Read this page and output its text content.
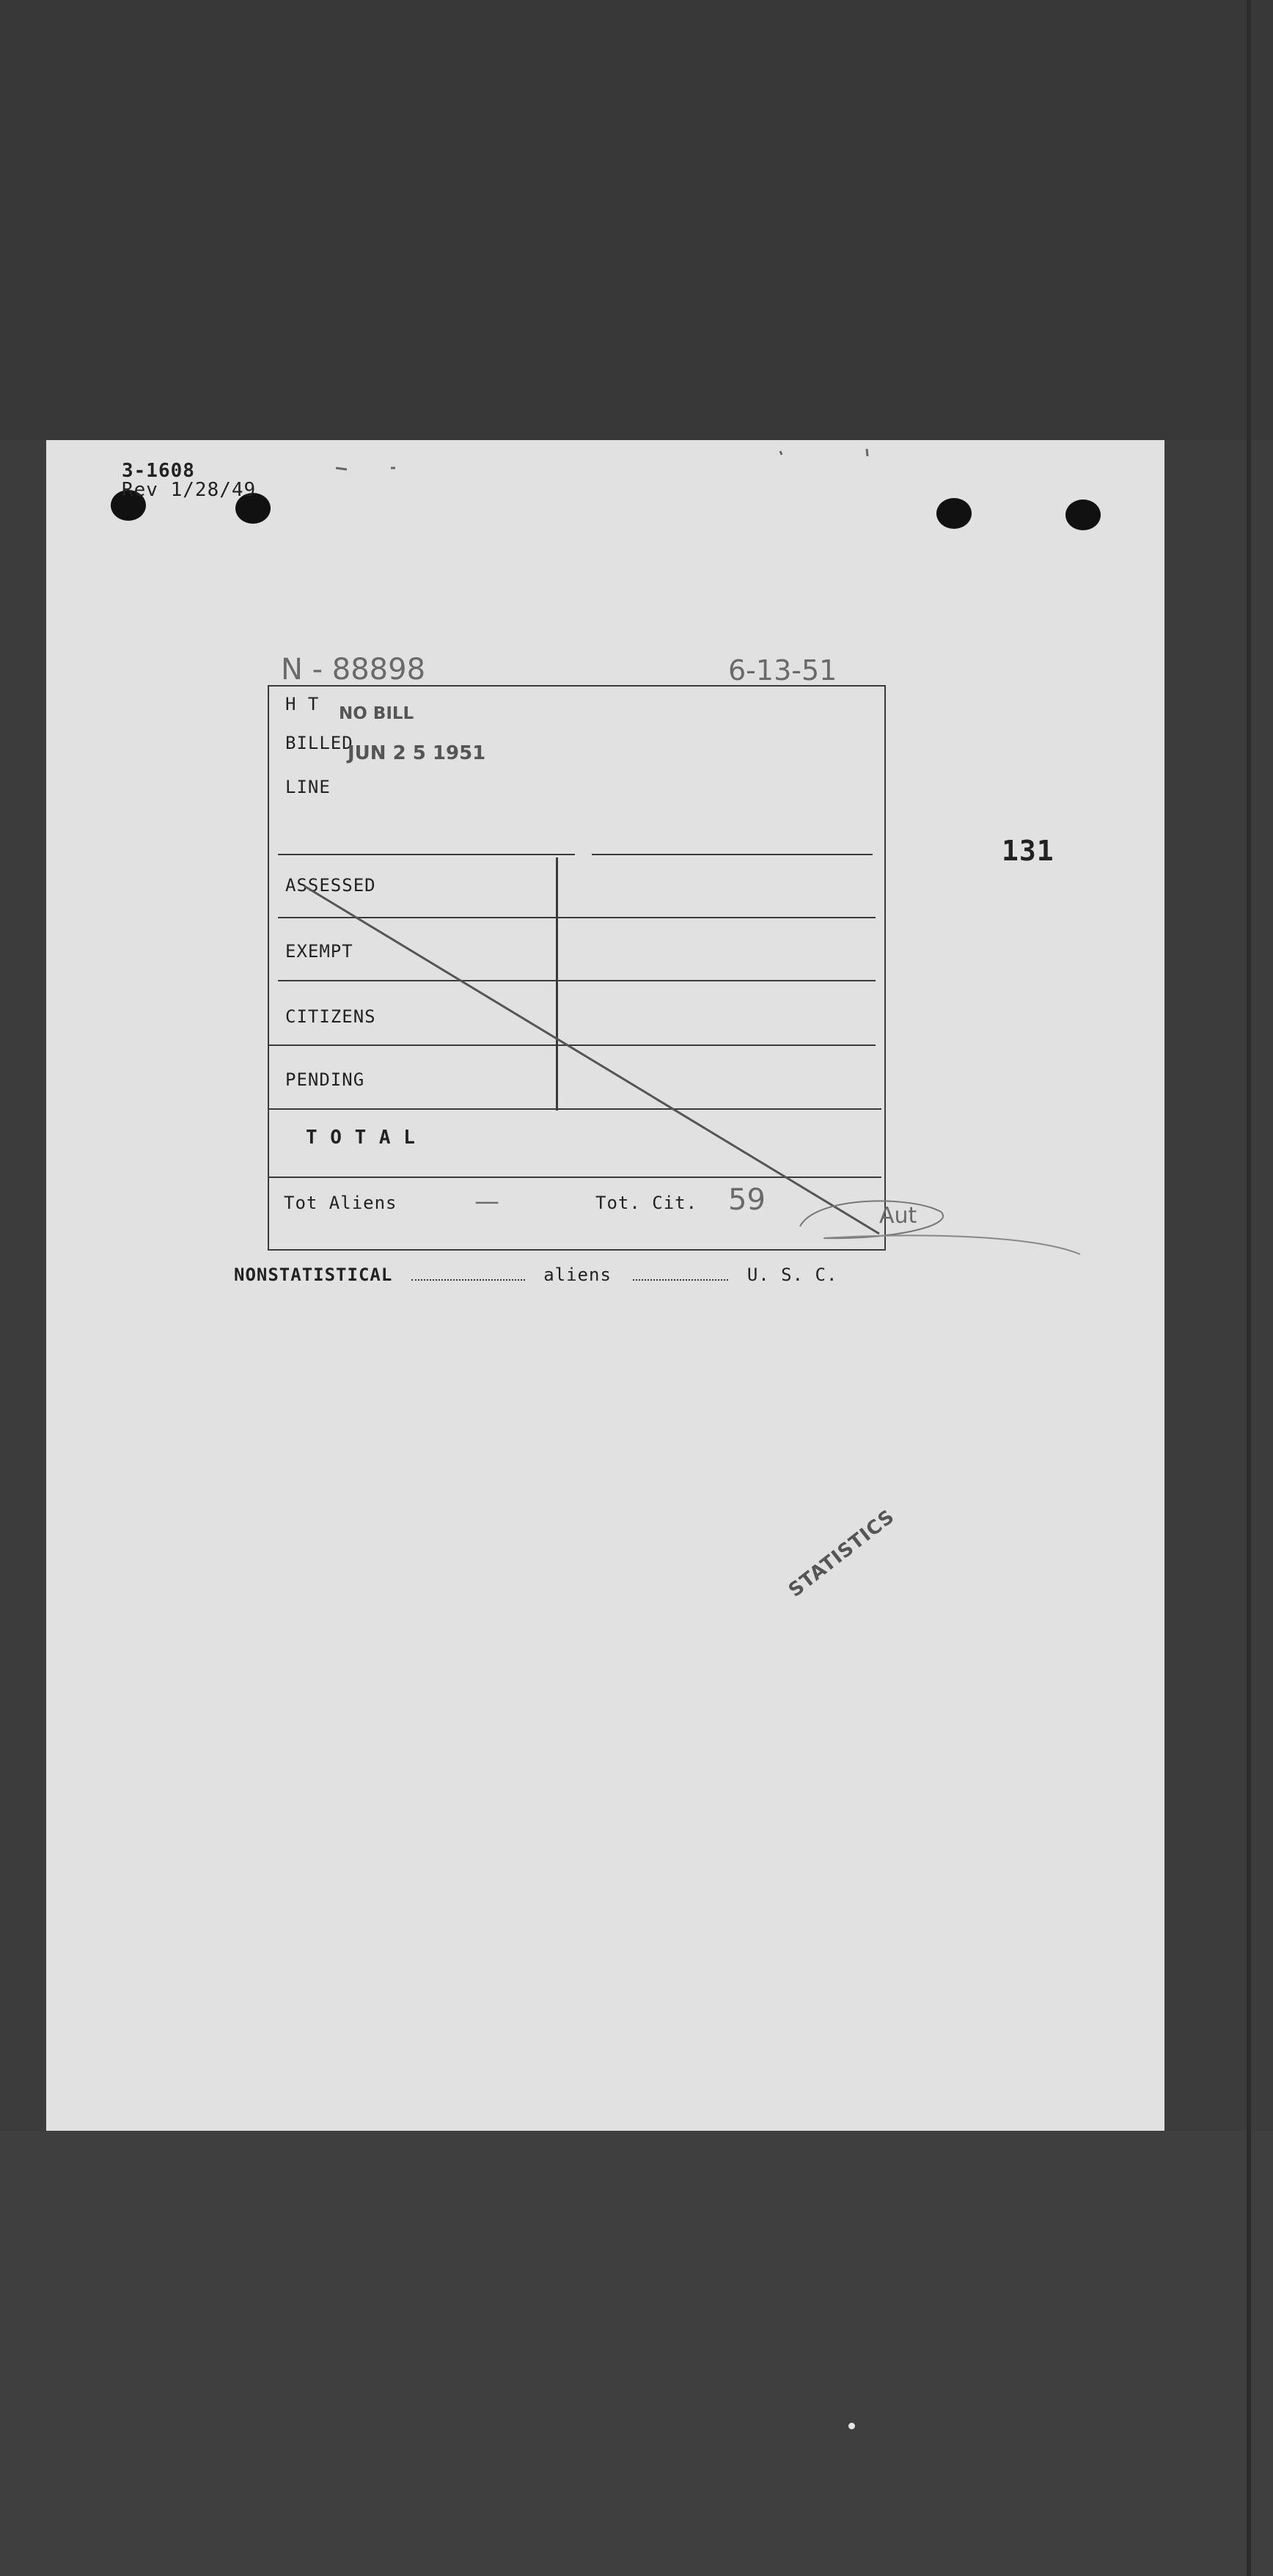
3-1608
Rev 1/28/49
N - 88898	6-13-51
131
H T NO BILL
BILLED
JUN 2 5 1951
LINE
ASSESSED
EXEMPT
CITIZENS
PENDING
T O T A L
Tot Aliens	—	Tot. Cit. 59	Aut
NONSTATISTICAL	aliens	U. S. C.
STATISTICS
